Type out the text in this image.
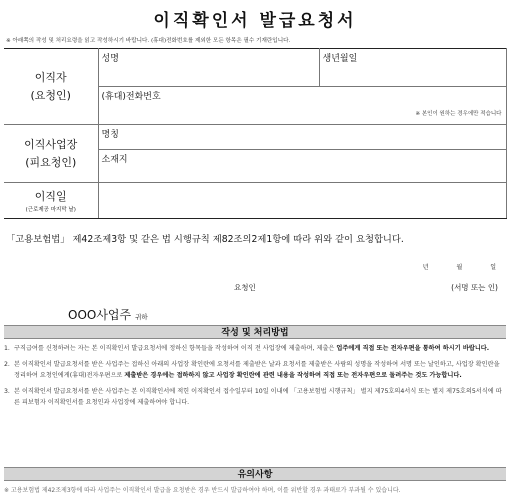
이직확인서 발급요청서
※ 아래쪽의 작성 및 처리요령을 읽고 작성하시기 바랍니다. (휴대)전화번호를 제외한 모든 항목은 필수 기재란입니다.
이직자
(요청인)	성명	생년월일
	(휴대)전화번호	
	※ 본인이 원하는 경우에만 적습니다	

이직사업장
(피요청인)	명칭	
	소재지	

이직일
(근로제공 마지막 날)		

「고용보험법」 제42조제3항 및 같은 법 시행규칙 제82조의2제1항에 따라 위와 같이 요청합니다.
년	월	일
요청인	(서명 또는 인)
OOO사업주 귀하
작성 및 처리방법
1. 구직급여를 신청하려는 자는 본 이직확인서 발급요청서에 정하신 항목들을 작성하여 이직 전 사업장에 제출하며, 제출은 업주에게 직접 또는 전자우편을 통하여 하시기 바랍니다.
2. 본 이직확인서 발급요청서를 받은 사업주는 접하신 아래의 사업장 확인란에 요청서를 제출받은 날과 요청서를 제출받은 사람의 성명을 작성하여 서명 또는 날인하고, 사업장 확인란을 정리하여 요청인에게(휴대)전자우편으로 제출받은 경우에는 접하하지 않고 사업장 확인란에 관련 내용을 작성하여 직접 또는 전자우편으로 돌려주는 것도 가능합니다.
3. 본 이직확인서 발급요청서를 받은 사업주는 본 이직확인서에 적힌 이직확인서 접수일부터 10일 이내에 「고용보험법 시행규칙」 별지 제75호의4서식 또는 별지 제75호의5서식에 따른 피보험자 이직확인서를 요청인과 사업장에 제출하여야 합니다.
유의사항
※ 고용보험법 제42조제3항에 따라 사업주는 이직확인서 발급을 요청받은 경우 반드시 발급하여야 하며, 이를 위반할 경우 과태료가 부과될 수 있습니다.
